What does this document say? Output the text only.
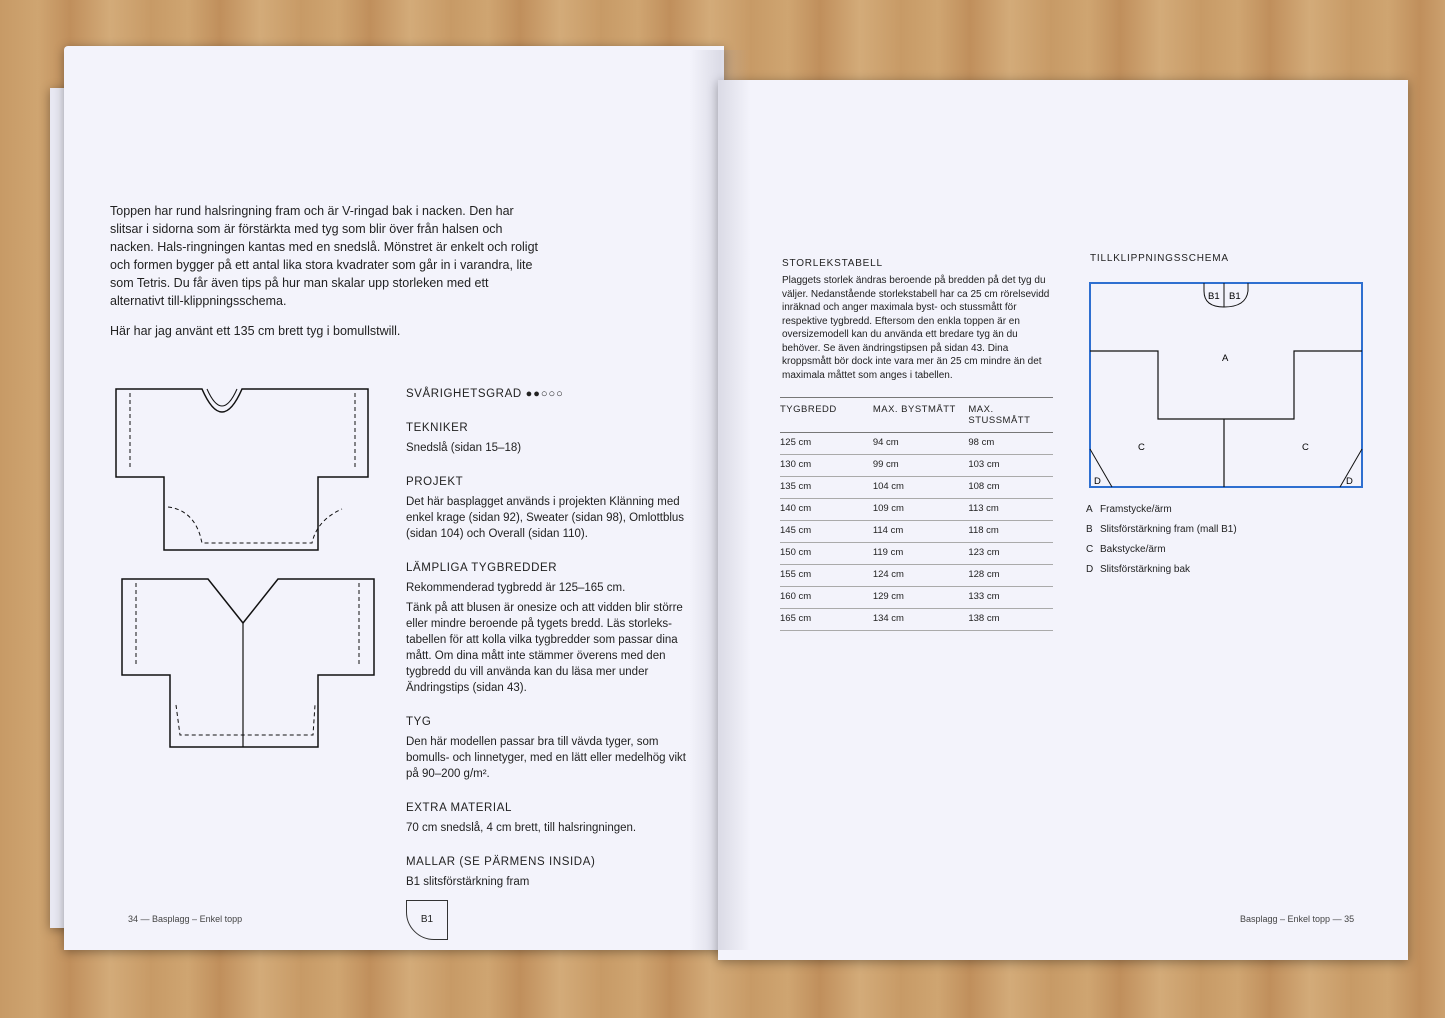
Toppen har rund halsringning fram och är V-ringad bak i nacken. Den har slitsar i sidorna som är förstärkta med tyg som blir över från halsen och nacken. Hals-ringningen kantas med en snedslå. Mönstret är enkelt och roligt och formen bygger på ett antal lika stora kvadrater som går in i varandra, lite som Tetris. Du får även tips på hur man skalar upp storleken med ett alternativt till-klippningsschema.

Här har jag använt ett 135 cm brett tyg i bomullstwill.

SVÅRIGHETSGRAD ●●○○○
TEKNIKER
Snedslå (sidan 15–18)
PROJEKT
Det här basplagget används i projekten Klänning med enkel krage (sidan 92), Sweater (sidan 98), Omlottblus (sidan 104) och Overall (sidan 110).
LÄMPLIGA TYGBREDDER
Rekommenderad tygbredd är 125–165 cm.
Tänk på att blusen är onesize och att vidden blir större eller mindre beroende på tygets bredd. Läs storleks-tabellen för att kolla vilka tygbredder som passar dina mått. Om dina mått inte stämmer överens med den tygbredd du vill använda kan du läsa mer under Ändringstips (sidan 43).
TYG
Den här modellen passar bra till vävda tyger, som bomulls- och linnetyger, med en lätt eller medelhög vikt på 90–200 g/m².
EXTRA MATERIAL
70 cm snedslå, 4 cm brett, till halsringningen.
MALLAR (SE PÄRMENS INSIDA)
B1 slitsförstärkning fram
B1
34 — Basplagg – Enkel topp
STORLEKSTABELL
Plaggets storlek ändras beroende på bredden på det tyg du väljer. Nedanstående storlekstabell har ca 25 cm rörelsevidd inräknad och anger maximala byst- och stussmått för respektive tygbredd. Eftersom den enkla toppen är en oversizemodell kan du använda ett bredare tyg än du behöver. Se även ändringstipsen på sidan 43. Dina kroppsmått bör dock inte vara mer än 25 cm mindre än det maximala måttet som anges i tabellen.
TYGBREDD	MAX. BYSTMÅTT	MAX. STUSSMÅTT
125 cm	94 cm	98 cm
130 cm	99 cm	103 cm
135 cm	104 cm	108 cm
140 cm	109 cm	113 cm
145 cm	114 cm	118 cm
150 cm	119 cm	123 cm
155 cm	124 cm	128 cm
160 cm	129 cm	133 cm
165 cm	134 cm	138 cm
TILLKLIPPNINGSSCHEMA
B1 B1
A
C	C
D	D
A Framstycke/ärm
B Slitsförstärkning fram (mall B1)
C Bakstycke/ärm
D Slitsförstärkning bak
Basplagg – Enkel topp — 35
